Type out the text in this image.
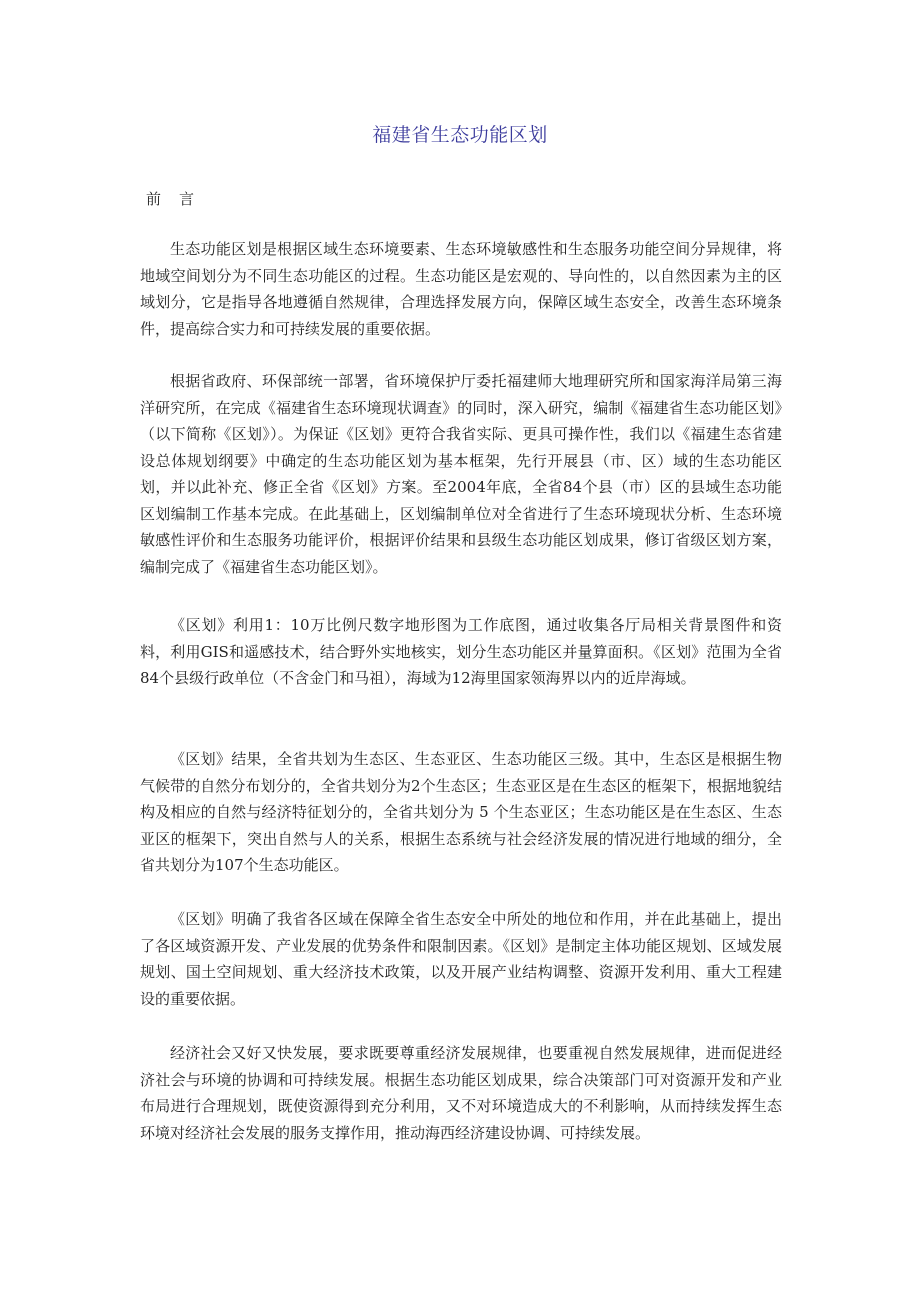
福建省生态功能区划
前言

生态功能区划是根据区域生态环境要素、生态环境敏感性和生态服务功能空间分异规律，将地域空间划分为不同生态功能区的过程。生态功能区是宏观的、导向性的，以自然因素为主的区域划分，它是指导各地遵循自然规律，合理选择发展方向，保障区域生态安全，改善生态环境条件，提高综合实力和可持续发展的重要依据。

根据省政府、环保部统一部署，省环境保护厅委托福建师大地理研究所和国家海洋局第三海洋研究所，在完成《福建省生态环境现状调查》的同时，深入研究，编制《福建省生态功能区划》（以下简称《区划》）。为保证《区划》更符合我省实际、更具可操作性，我们以《福建生态省建设总体规划纲要》中确定的生态功能区划为基本框架，先行开展县（市、区）域的生态功能区划，并以此补充、修正全省《区划》方案。至2004年底，全省84个县（市）区的县域生态功能区划编制工作基本完成。在此基础上，区划编制单位对全省进行了生态环境现状分析、生态环境敏感性评价和生态服务功能评价，根据评价结果和县级生态功能区划成果，修订省级区划方案，编制完成了《福建省生态功能区划》。

《区划》利用1：10万比例尺数字地形图为工作底图，通过收集各厅局相关背景图件和资料，利用GIS和遥感技术，结合野外实地核实，划分生态功能区并量算面积。《区划》范围为全省84个县级行政单位（不含金门和马祖），海域为12海里国家领海界以内的近岸海域。

《区划》结果，全省共划为生态区、生态亚区、生态功能区三级。其中，生态区是根据生物气候带的自然分布划分的，全省共划分为2个生态区；生态亚区是在生态区的框架下，根据地貌结构及相应的自然与经济特征划分的，全省共划分为 5 个生态亚区；生态功能区是在生态区、生态亚区的框架下，突出自然与人的关系，根据生态系统与社会经济发展的情况进行地域的细分，全省共划分为107个生态功能区。

《区划》明确了我省各区域在保障全省生态安全中所处的地位和作用，并在此基础上，提出了各区域资源开发、产业发展的优势条件和限制因素。《区划》是制定主体功能区规划、区域发展规划、国土空间规划、重大经济技术政策，以及开展产业结构调整、资源开发利用、重大工程建设的重要依据。

经济社会又好又快发展，要求既要尊重经济发展规律，也要重视自然发展规律，进而促进经济社会与环境的协调和可持续发展。根据生态功能区划成果，综合决策部门可对资源开发和产业布局进行合理规划，既使资源得到充分利用，又不对环境造成大的不利影响，从而持续发挥生态环境对经济社会发展的服务支撑作用，推动海西经济建设协调、可持续发展。
